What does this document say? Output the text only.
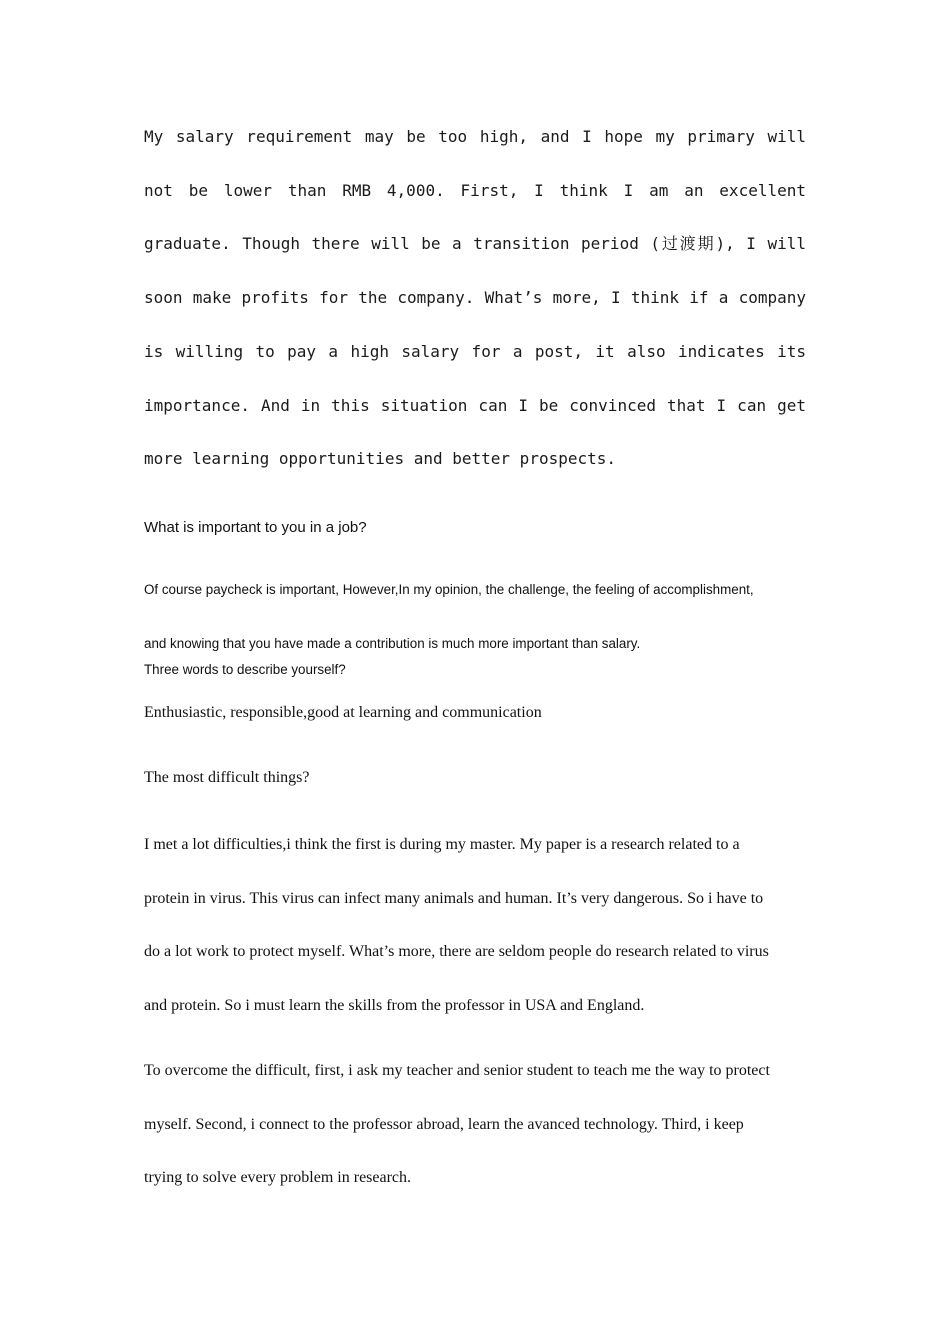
My salary requirement may be too high, and I hope my primary will
not be lower than RMB 4,000. First, I think I am an excellent
graduate. Though there will be a transition period (过渡期), I will
soon make profits for the company. What’s more, I think if a company
is willing to pay a high salary for a post, it also indicates its
importance. And in this situation can I be convinced that I can get
more learning opportunities and better prospects.
What is important to you in a job?
Of course paycheck is important, However,In my opinion, the challenge, the feeling of accomplishment,
and knowing that you have made a contribution is much more important than salary.
Three words to describe yourself?
Enthusiastic, responsible,good at learning and communication
The most difficult things?
I met a lot difficulties,i think the first is during my master. My paper is a research related to a
protein in virus. This virus can infect many animals and human. It’s very dangerous. So i have to
do a lot work to protect myself. What’s more, there are seldom people do research related to virus
and protein. So i must learn the skills from the professor in USA and England.
To overcome the difficult, first, i ask my teacher and senior student to teach me the way to protect
myself. Second, i connect to the professor abroad, learn the avanced technology. Third, i keep
trying to solve every problem in research.
